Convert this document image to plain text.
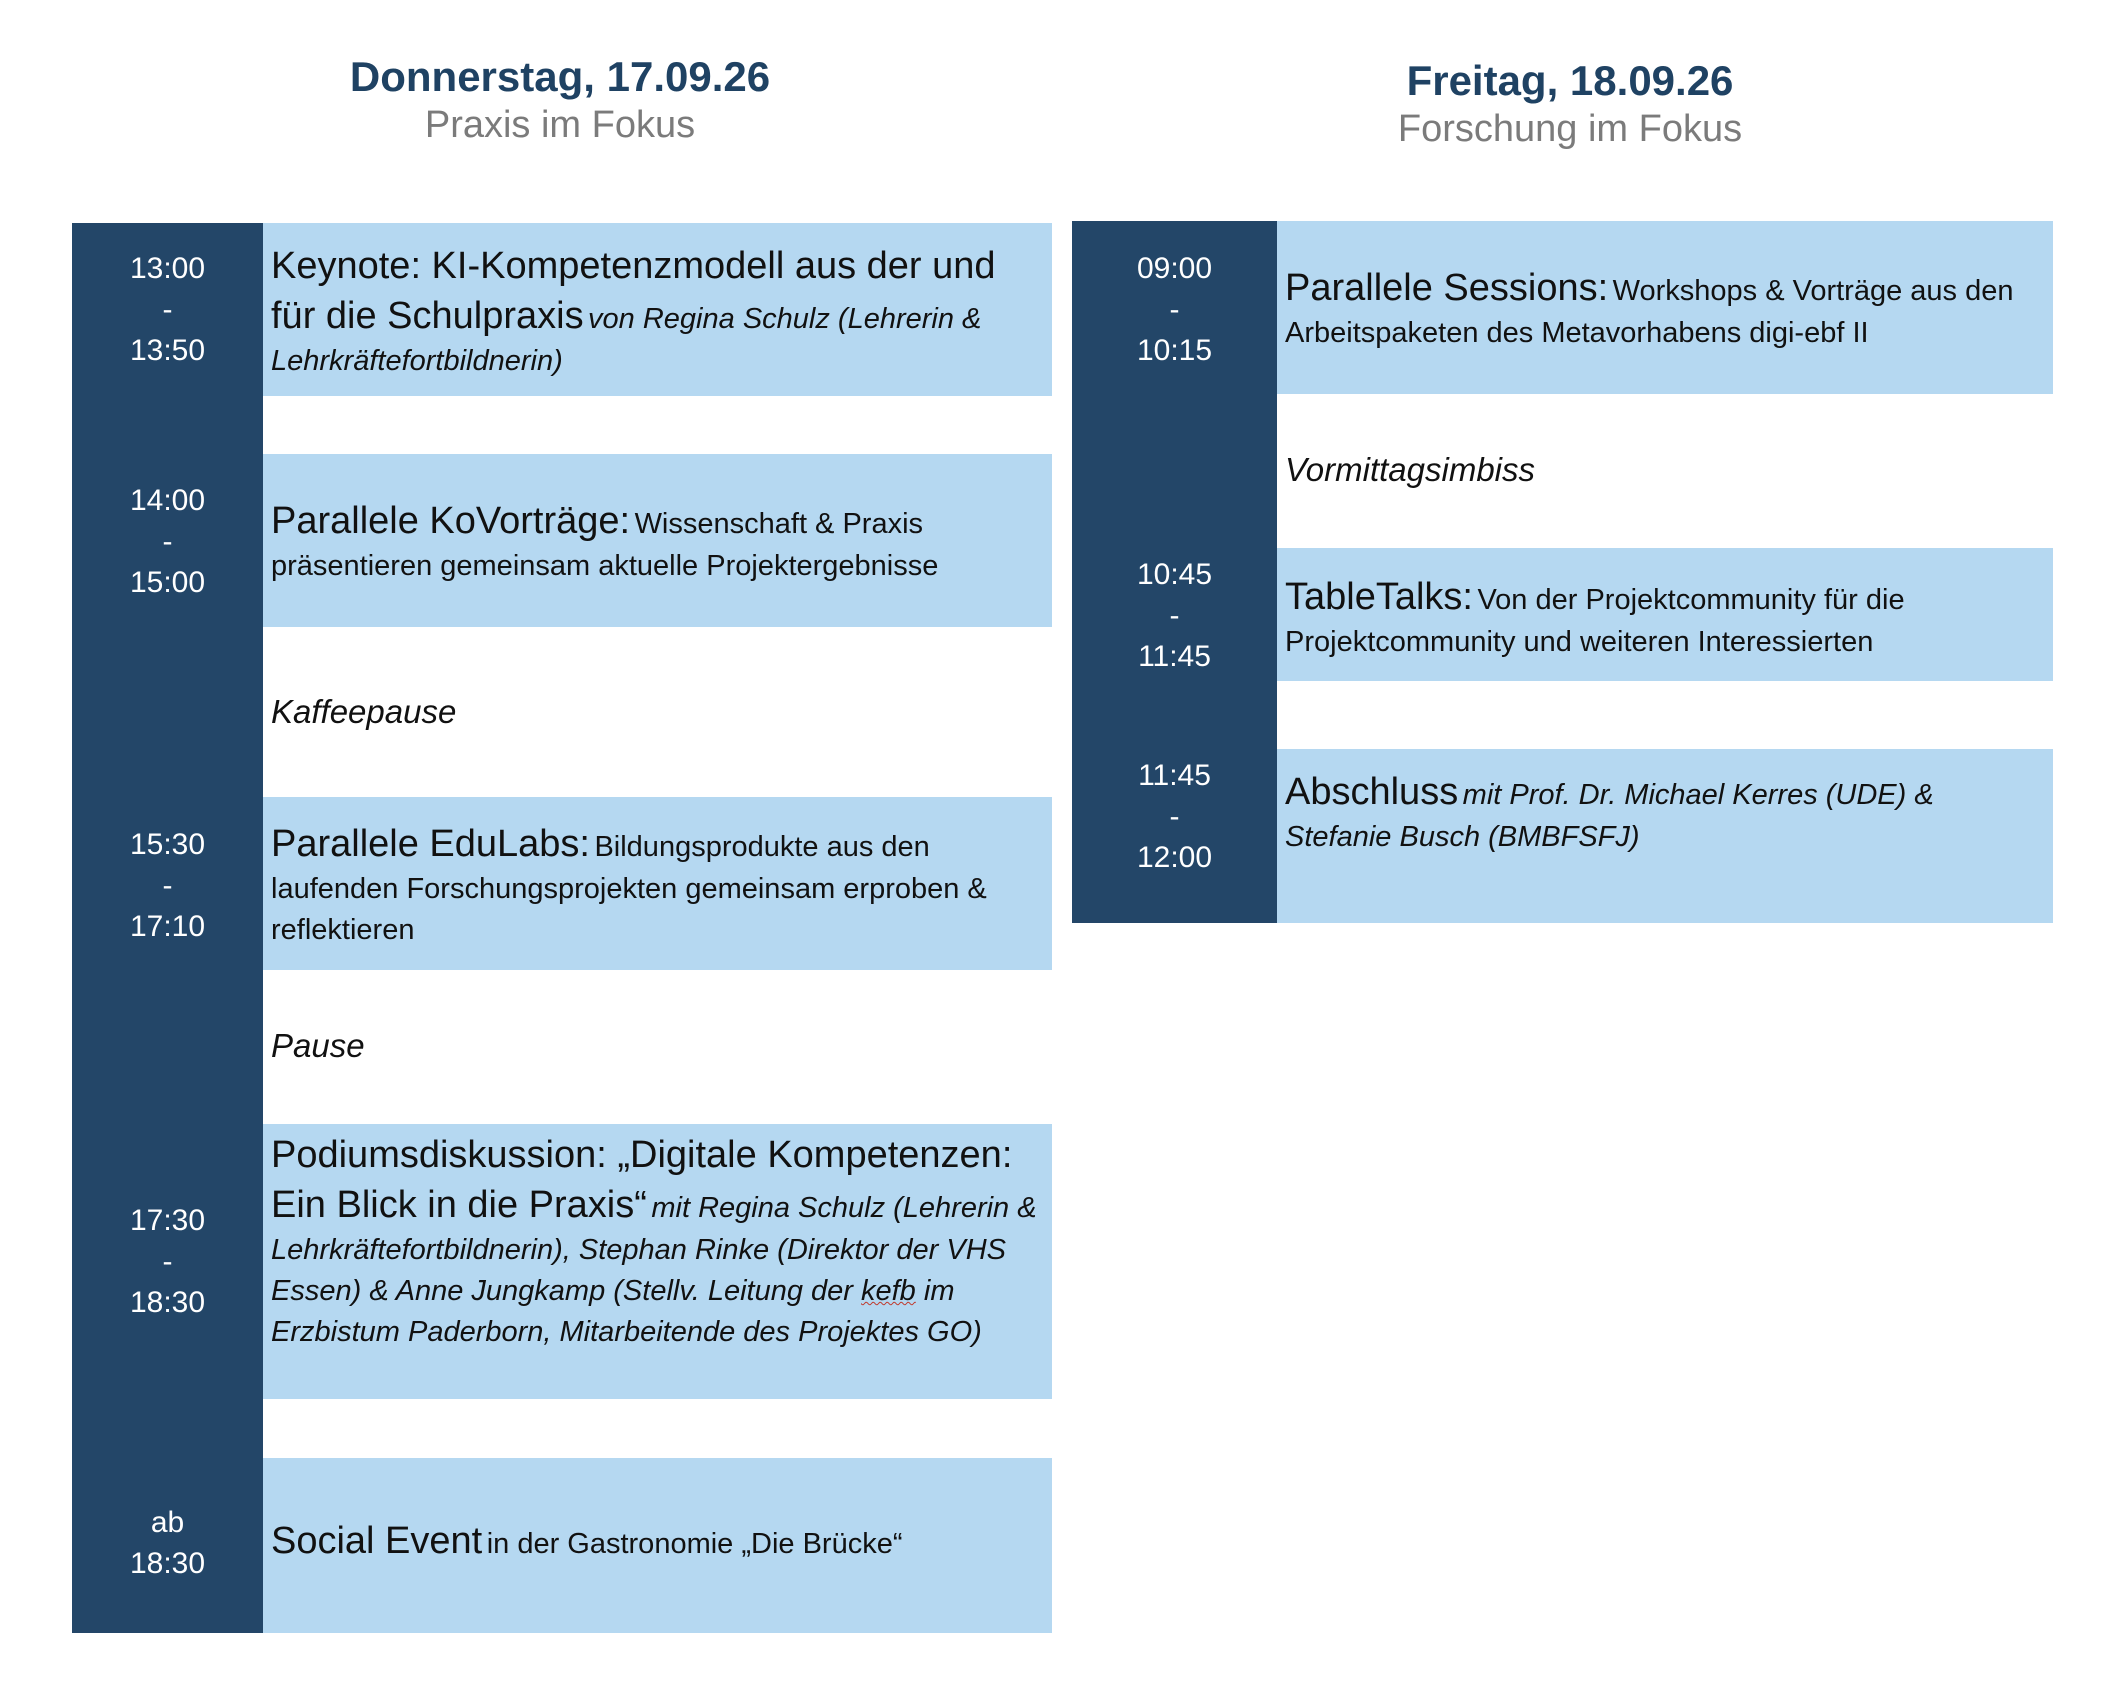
Donnerstag, 17.09.26
Praxis im Fokus
13:00
-
13:50
Keynote: KI-Kompetenzmodell aus der und für die Schulpraxis von Regina Schulz (Lehrerin & Lehrkräftefortbildnerin)
14:00
-
15:00
Parallele KoVorträge: Wissenschaft & Praxis präsentieren gemeinsam aktuelle Projektergebnisse
Kaffeepause
15:30
-
17:10
Parallele EduLabs: Bildungsprodukte aus den laufenden Forschungsprojekten gemeinsam erproben & reflektieren
Pause
17:30
-
18:30
Podiumsdiskussion: „Digitale Kompetenzen: Ein Blick in die Praxis“ mit Regina Schulz (Lehrerin & Lehrkräftefortbildnerin), Stephan Rinke (Direktor der VHS Essen) & Anne Jungkamp (Stellv. Leitung der kefb im Erzbistum Paderborn, Mitarbeitende des Projektes GO)
ab
18:30
Social Event in der Gastronomie „Die Brücke“
Freitag, 18.09.26
Forschung im Fokus
09:00
-
10:15
Parallele Sessions: Workshops & Vorträge aus den Arbeitspaketen des Metavorhabens digi-ebf II
Vormittagsimbiss
10:45
-
11:45
TableTalks: Von der Projektcommunity für die Projektcommunity und weiteren Interessierten
11:45
-
12:00
Abschluss mit Prof. Dr. Michael Kerres (UDE) & Stefanie Busch (BMBFSFJ)
